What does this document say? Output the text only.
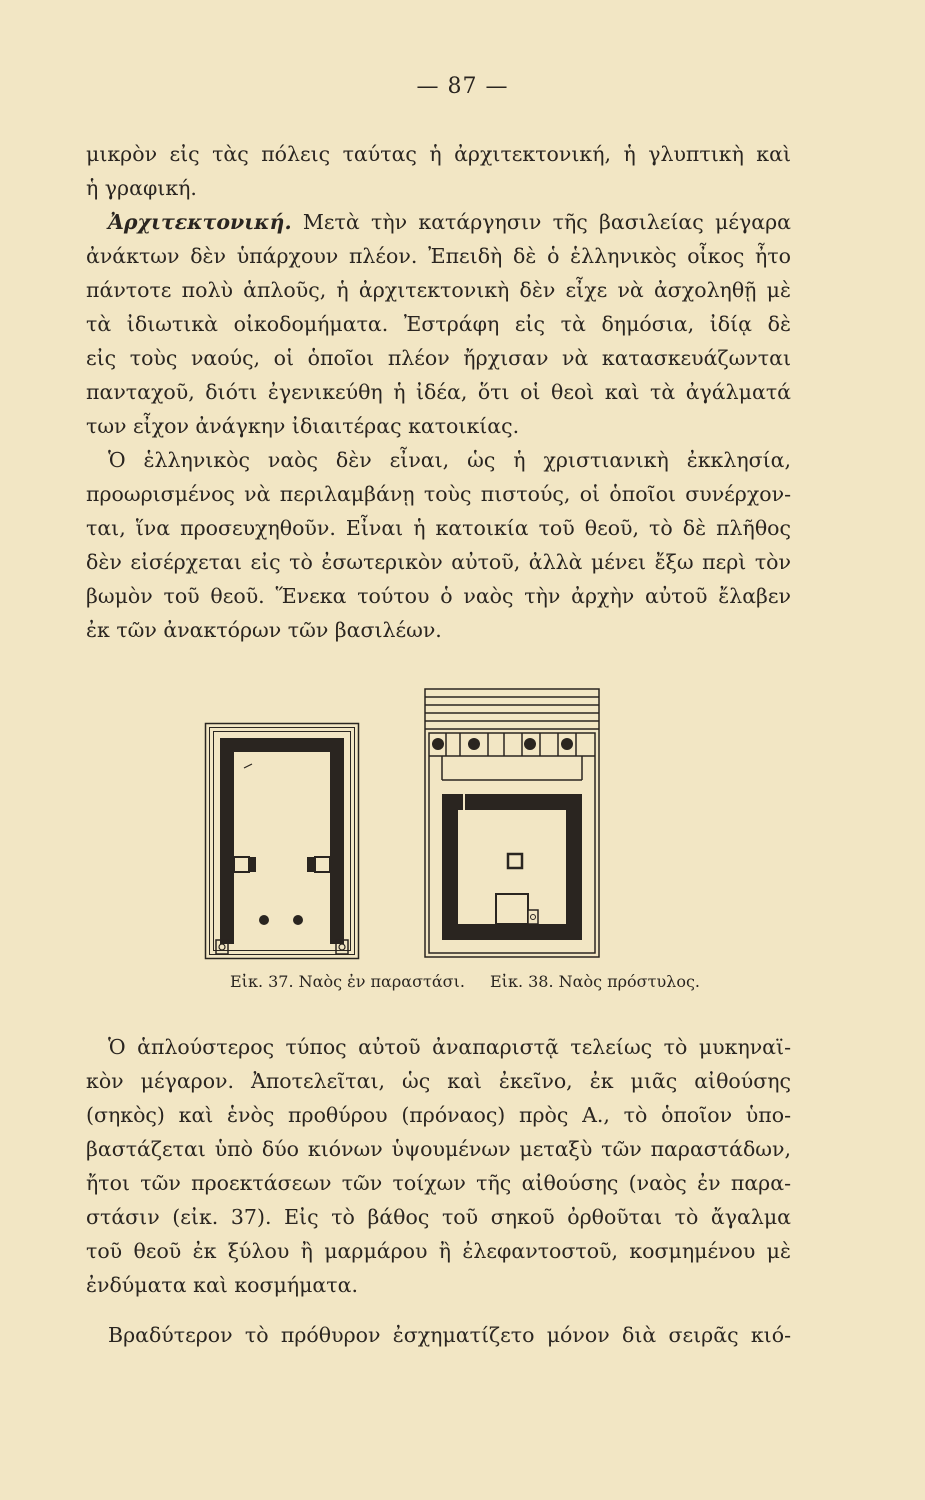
— 87 —
μικρὸν εἰς τὰς πόλεις ταύτας ἡ ἀρχιτεκτονική, ἡ γλυπτικὴ καὶ
ἡ γραφική.
Ἀρχιτεκτονική. Μετὰ τὴν κατάργησιν τῆς βασιλείας μέγαρα
ἀνάκτων δὲν ὑπάρχουν πλέον. Ἐπειδὴ δὲ ὁ ἑλληνικὸς οἶκος ἦτο
πάντοτε πολὺ ἁπλοῦς, ἡ ἀρχιτεκτονικὴ δὲν εἶχε νὰ ἀσχοληθῇ μὲ
τὰ ἰδιωτικὰ οἰκοδομήματα. Ἐστράφη εἰς τὰ δημόσια, ἰδίᾳ δὲ
εἰς τοὺς ναούς, οἱ ὁποῖοι πλέον ἤρχισαν νὰ κατασκευάζωνται
πανταχοῦ, διότι ἐγενικεύθη ἡ ἰδέα, ὅτι οἱ θεοὶ καὶ τὰ ἀγάλματά
των εἶχον ἀνάγκην ἰδιαιτέρας κατοικίας.
Ὁ ἑλληνικὸς ναὸς δὲν εἶναι, ὡς ἡ χριστιανικὴ ἐκκλησία,
προωρισμένος νὰ περιλαμβάνῃ τοὺς πιστούς, οἱ ὁποῖοι συνέρχον-
ται, ἵνα προσευχηθοῦν. Εἶναι ἡ κατοικία τοῦ θεοῦ, τὸ δὲ πλῆθος
δὲν εἰσέρχεται εἰς τὸ ἐσωτερικὸν αὐτοῦ, ἀλλὰ μένει ἔξω περὶ τὸν
βωμὸν τοῦ θεοῦ. Ἕνεκα τούτου ὁ ναὸς τὴν ἀρχὴν αὐτοῦ ἔλαβεν
ἐκ τῶν ἀνακτόρων τῶν βασιλέων.
Εἰκ. 37. Ναὸς ἐν παραστάσι. Εἰκ. 38. Ναὸς πρόστυλος.
Ὁ ἁπλούστερος τύπος αὐτοῦ ἀναπαριστᾷ τελείως τὸ μυκηναϊ-
κὸν μέγαρον. Ἀποτελεῖται, ὡς καὶ ἐκεῖνο, ἐκ μιᾶς αἰθούσης
(σηκὸς) καὶ ἑνὸς προθύρου (πρόναος) πρὸς Α., τὸ ὁποῖον ὑπο-
βαστάζεται ὑπὸ δύο κιόνων ὑψουμένων μεταξὺ τῶν παραστάδων,
ἤτοι τῶν προεκτάσεων τῶν τοίχων τῆς αἰθούσης (ναὸς ἐν παρα-
στάσιν (εἰκ. 37). Εἰς τὸ βάθος τοῦ σηκοῦ ὀρθοῦται τὸ ἄγαλμα
τοῦ θεοῦ ἐκ ξύλου ἢ μαρμάρου ἢ ἐλεφαντοστοῦ, κοσμημένου μὲ
ἐνδύματα καὶ κοσμήματα.
Βραδύτερον τὸ πρόθυρον ἐσχηματίζετο μόνον διὰ σειρᾶς κιό-
